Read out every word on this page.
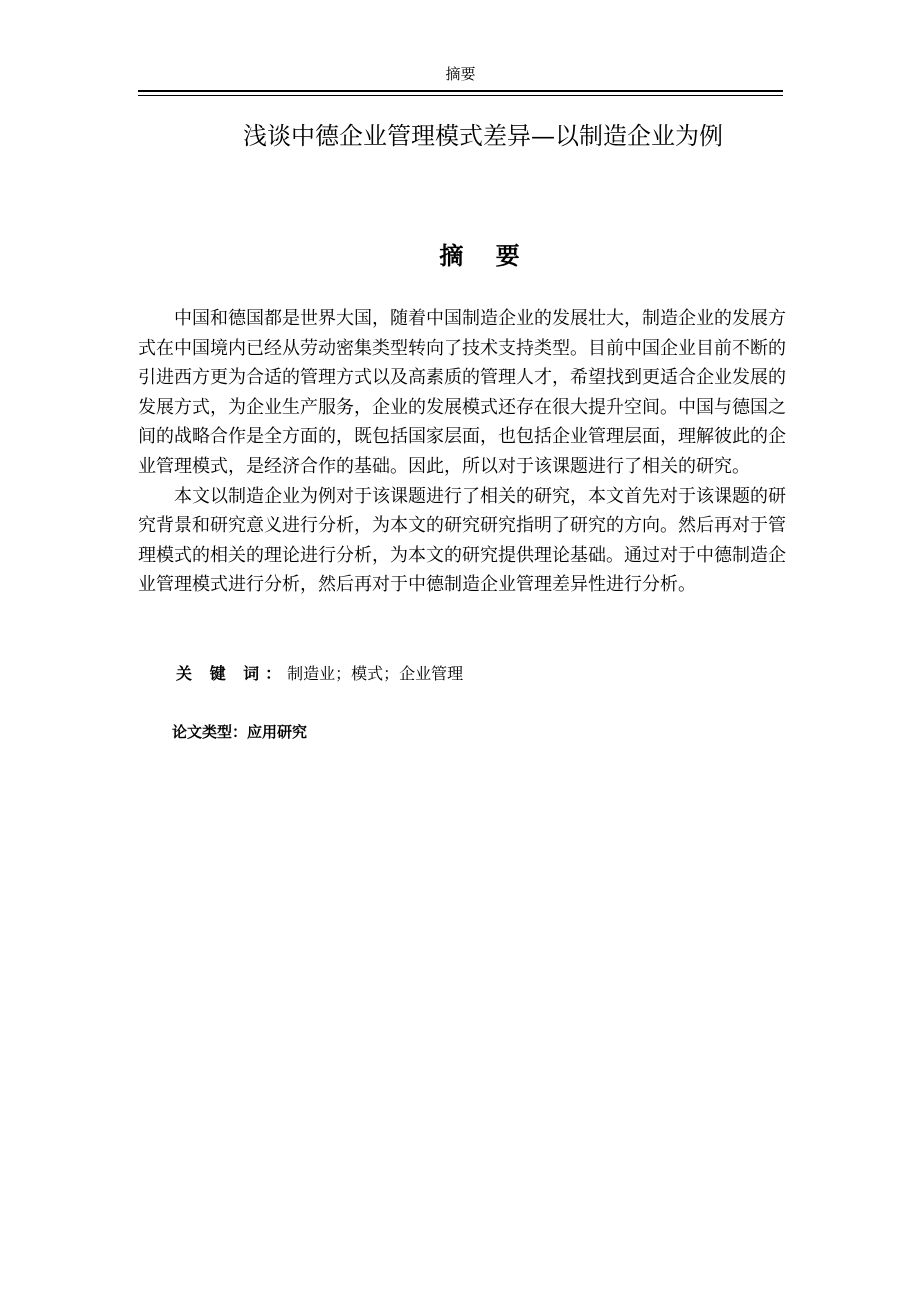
摘要
浅谈中德企业管理模式差异—以制造企业为例
摘 要

中国和德国都是世界大国，随着中国制造企业的发展壮大，制造企业的发展方式在中国境内已经从劳动密集类型转向了技术支持类型。目前中国企业目前不断的引进西方更为合适的管理方式以及高素质的管理人才，希望找到更适合企业发展的发展方式，为企业生产服务，企业的发展模式还存在很大提升空间。中国与德国之间的战略合作是全方面的，既包括国家层面，也包括企业管理层面，理解彼此的企业管理模式，是经济合作的基础。因此，所以对于该课题进行了相关的研究。

本文以制造企业为例对于该课题进行了相关的研究，本文首先对于该课题的研究背景和研究意义进行分析，为本文的研究研究指明了研究的方向。然后再对于管理模式的相关的理论进行分析，为本文的研究提供理论基础。通过对于中德制造企业管理模式进行分析，然后再对于中德制造企业管理差异性进行分析。

关 键 词：制造业；模式；企业管理
论文类型：应用研究
